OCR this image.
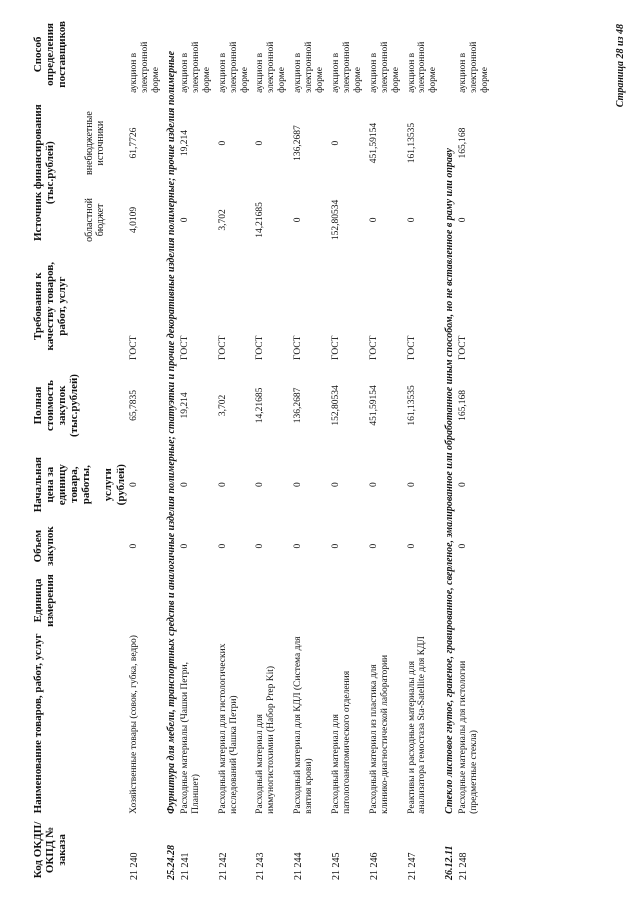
Код ОКДП/ ОКПД № заказа	Наименование товаров, работ, услуг	Единица измерения	Объем закупок	Начальная цена за единицу товара, работы, услуги (рублей)	Полная стоимость закупок (тыс.рублей)	Требования к качеству товаров, работ, услуг	Источник финансирования (тыс.рублей)		Способ определения поставщиков
							областной бюджет	внебюджетные источники	
21 240	Хозяйственные товары (совок, губка, ведро)		0	0	65,7835	ГОСТ	4,0109	61,7726	аукцион в электронной форме
25.24.28	Фурнитура для мебели, транспортных средств и аналогичные изделия полимерные; статуэтки и прочие декоративные изделия полимерные; прочие изделия полимерные								
21 241	Расходные материалы (Чашки Петри, Планшет)		0	0	19,214	ГОСТ	0	19,214	аукцион в электронной форме
21 242	Расходный материал для гистологических исследований (Чашка Петри)		0	0	3,702	ГОСТ	3,702	0	аукцион в электронной форме
21 243	Расходный материал для иммуногистохимии (Набор Prep Kit)		0	0	14,21685	ГОСТ	14,21685	0	аукцион в электронной форме
21 244	Расходный материал для КДЛ (Система для взятия крови)		0	0	136,2687	ГОСТ	0	136,2687	аукцион в электронной форме
21 245	Расходный материал для патологоанатомического отделения		0	0	152,80534	ГОСТ	152,80534	0	аукцион в электронной форме
21 246	Расходный материал из пластика для клинико-диагностической лаборатории		0	0	451,59154	ГОСТ	0	451,59154	аукцион в электронной форме
21 247	Реактивы и расходные материалы для анализатора гемостаза Sta-Satellite для КДЛ		0	0	161,13535	ГОСТ	0	161,13535	аукцион в электронной форме
26.12.11	Стекло листовое гнутое, граненое, гравированное, сверленое, эмалированное или обработанное иным способом, но не вставленное в раму или оправу								
21 248	Расходные материалы для гистологии (предметные стекла)		0	0	165,168	ГОСТ	0	165,168	аукцион в электронной форме	Страница 28 из 48
